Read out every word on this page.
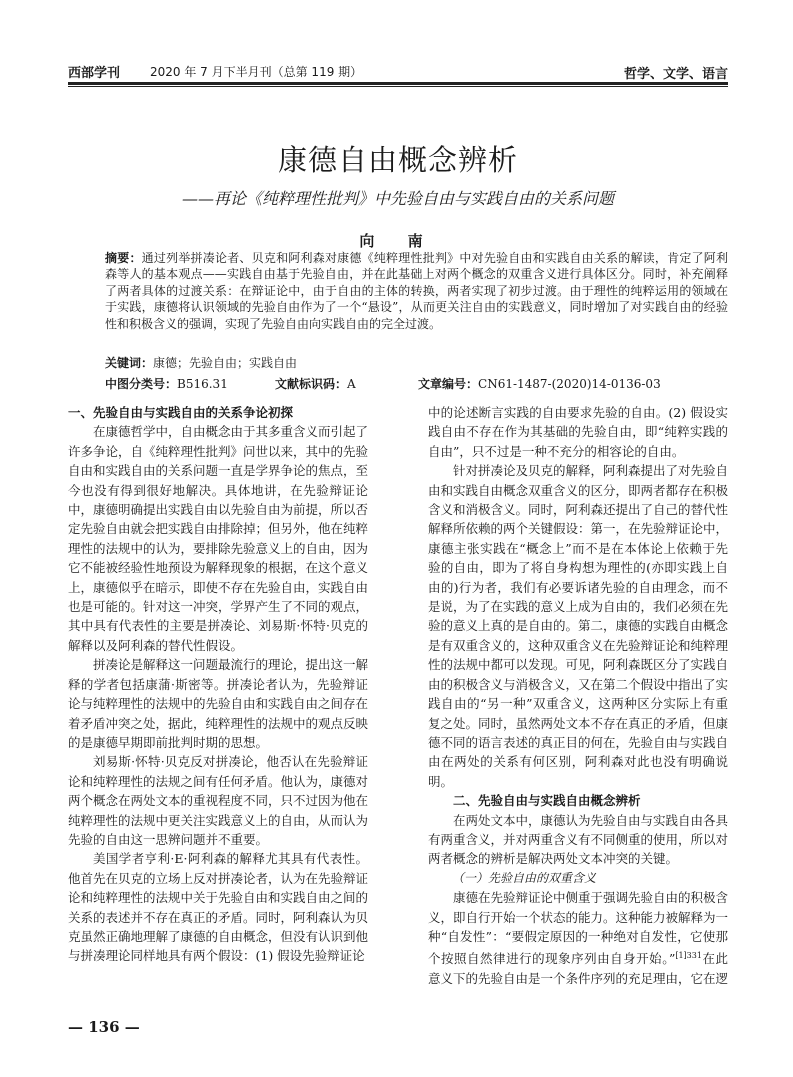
西部学刊 2020 年 7 月下半月刊（总第 119 期）	哲学、文学、语言
康德自由概念辨析
——再论《纯粹理性批判》中先验自由与实践自由的关系问题
向 南
摘要：通过列举拼凑论者、贝克和阿利森对康德《纯粹理性批判》中对先验自由和实践自由关系的解读，肯定了阿利森等人的基本观点——实践自由基于先验自由，并在此基础上对两个概念的双重含义进行具体区分。同时，补充阐释了两者具体的过渡关系：在辩证论中，由于自由的主体的转换，两者实现了初步过渡。由于理性的纯粹运用的领域在于实践，康德将认识领域的先验自由作为了一个“悬设”，从而更关注自由的实践意义，同时增加了对实践自由的经验性和积极含义的强调，实现了先验自由向实践自由的完全过渡。
关键词：康德；先验自由；实践自由
中图分类号：B516.31	文献标识码：A	文章编号：CN61-1487-(2020)14-0136-03
一、先验自由与实践自由的关系争论初探

在康德哲学中，自由概念由于其多重含义而引起了许多争论，自《纯粹理性批判》问世以来，其中的先验自由和实践自由的关系问题一直是学界争论的焦点，至今也没有得到很好地解决。具体地讲，在先验辩证论中，康德明确提出实践自由以先验自由为前提，所以否定先验自由就会把实践自由排除掉；但另外，他在纯粹理性的法规中的认为，要排除先验意义上的自由，因为它不能被经验性地预设为解释现象的根据，在这个意义上，康德似乎在暗示，即使不存在先验自由，实践自由也是可能的。针对这一冲突，学界产生了不同的观点，其中具有代表性的主要是拼凑论、刘易斯·怀特·贝克的解释以及阿利森的替代性假设。

拼凑论是解释这一问题最流行的理论，提出这一解释的学者包括康蒲·斯密等。拼凑论者认为，先验辩证论与纯粹理性的法规中的先验自由和实践自由之间存在着矛盾冲突之处，据此，纯粹理性的法规中的观点反映的是康德早期即前批判时期的思想。

刘易斯·怀特·贝克反对拼凑论，他否认在先验辩证论和纯粹理性的法规之间有任何矛盾。他认为，康德对两个概念在两处文本的重视程度不同，只不过因为他在纯粹理性的法规中更关注实践意义上的自由，从而认为先验的自由这一思辨问题并不重要。

美国学者亨利·E·阿利森的解释尤其具有代表性。他首先在贝克的立场上反对拼凑论者，认为在先验辩证论和纯粹理性的法规中关于先验自由和实践自由之间的关系的表述并不存在真正的矛盾。同时，阿利森认为贝克虽然正确地理解了康德的自由概念，但没有认识到他与拼凑理论同样地具有两个假设：(1) 假设先验辩证论

中的论述断言实践的自由要求先验的自由。(2) 假设实践自由不存在作为其基础的先验自由，即“纯粹实践的自由”，只不过是一种不充分的相容论的自由。

针对拼凑论及贝克的解释，阿利森提出了对先验自由和实践自由概念双重含义的区分，即两者都存在积极含义和消极含义。同时，阿利森还提出了自己的替代性解释所依赖的两个关键假设：第一，在先验辩证论中，康德主张实践在“概念上”而不是在本体论上依赖于先验的自由，即为了将自身构想为理性的(亦即实践上自由的)行为者，我们有必要诉诸先验的自由理念，而不是说，为了在实践的意义上成为自由的，我们必须在先验的意义上真的是自由的。第二，康德的实践自由概念是有双重含义的，这种双重含义在先验辩证论和纯粹理性的法规中都可以发现。可见，阿利森既区分了实践自由的积极含义与消极含义，又在第二个假设中指出了实践自由的“另一种”双重含义，这两种区分实际上有重复之处。同时，虽然两处文本不存在真正的矛盾，但康德不同的语言表述的真正目的何在，先验自由与实践自由在两处的关系有何区别，阿利森对此也没有明确说明。

二、先验自由与实践自由概念辨析

在两处文本中，康德认为先验自由与实践自由各具有两重含义，并对两重含义有不同侧重的使用，所以对两者概念的辨析是解决两处文本冲突的关键。

（一）先验自由的双重含义

康德在先验辩证论中侧重于强调先验自由的积极含义，即自行开始一个状态的能力。这种能力被解释为一种“自发性”：“要假定原因的一种绝对自发性，它使那个按照自然律进行的现象序列由自身开始。”$^{[1]331}$在此意义下的先验自由是一个条件序列的充足理由，它在逻

— 136 —
